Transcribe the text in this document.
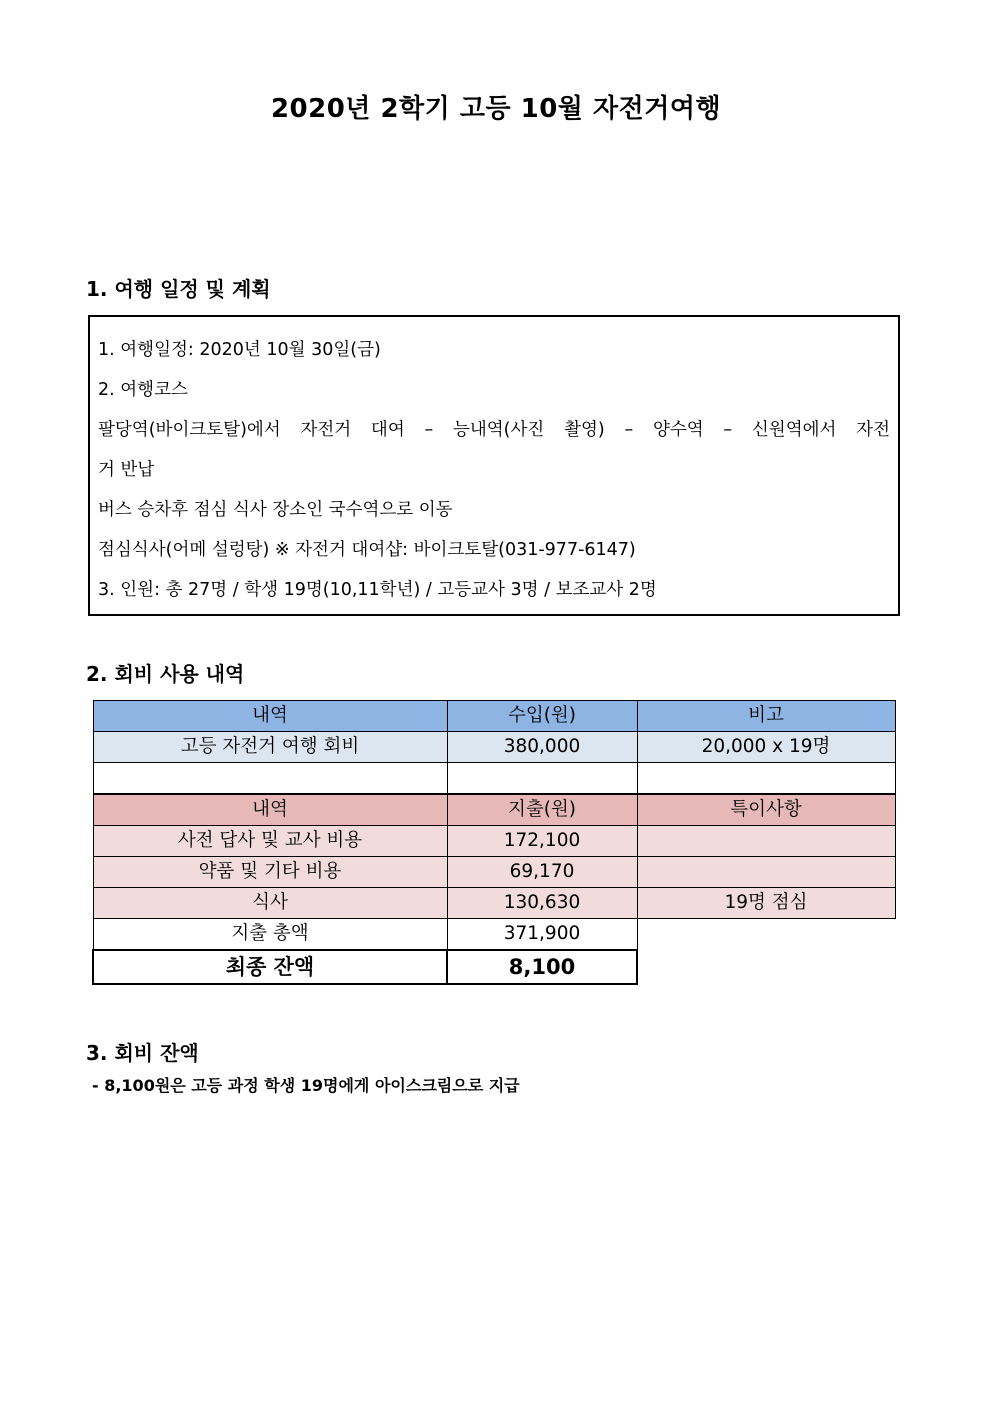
2020년 2학기 고등 10월 자전거여행
1. 여행 일정 및 계획
1. 여행일정: 2020년 10월 30일(금)
2. 여행코스
팔당역(바이크토탈)에서 자전거 대여 – 능내역(사진 촬영) – 양수역 – 신원역에서 자전
거 반납
버스 승차후 점심 식사 장소인 국수역으로 이동
점심식사(어메 설렁탕) ※ 자전거 대여샵: 바이크토탈(031-977-6147)
3. 인원: 총 27명 / 학생 19명(10,11학년) / 고등교사 3명 / 보조교사 2명
2. 회비 사용 내역
내역	수입(원)	비고
고등 자전거 여행 회비	380,000	20,000 x 19명

내역	지출(원)	특이사항
사전 답사 및 교사 비용	172,100	
약품 및 기타 비용	69,170	
식사	130,630	19명 점심
지출 총액	371,900	
최종 잔액	8,100	
3. 회비 잔액
- 8,100원은 고등 과정 학생 19명에게 아이스크림으로 지급
